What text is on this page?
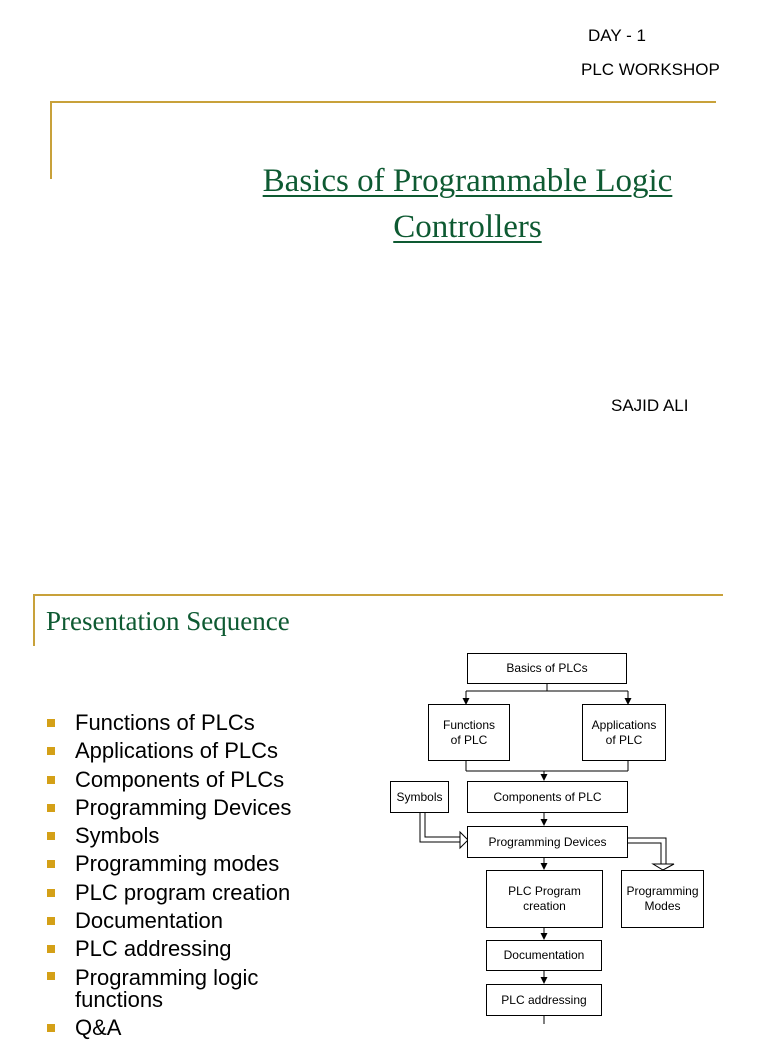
DAY - 1
PLC WORKSHOP
Basics of Programmable Logic
Controllers
SAJID ALI
Presentation Sequence
Functions of PLCs
Applications of PLCs
Components of PLCs
Programming Devices
Symbols
Programming modes
PLC program creation
Documentation
PLC addressing
Programming logic functions
Q&A
Basics of PLCs
Functions of PLC
Applications of PLC
Symbols	Components of PLC
Programming Devices
PLC Program creation
Programming Modes
Documentation
PLC addressing
